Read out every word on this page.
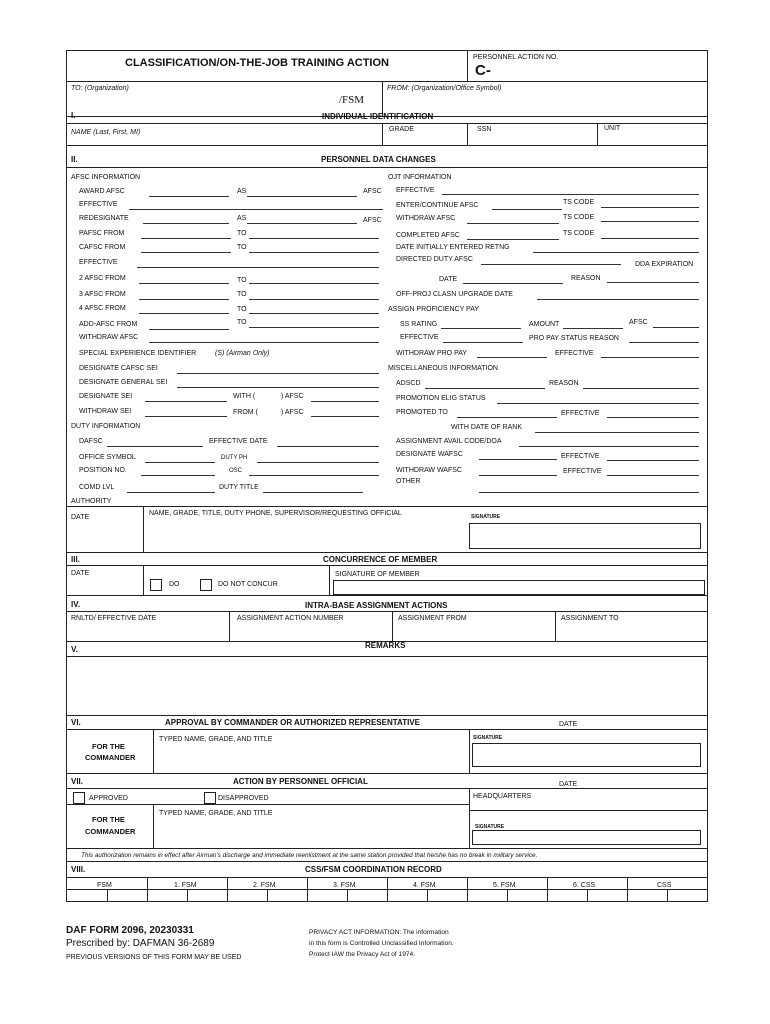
CLASSIFICATION/ON-THE-JOB TRAINING ACTION	PERSONNEL ACTION NO.
C-
TO: (Organization)	FROM: (Organization/Office Symbol)
/FSM
I.	INDIVIDUAL IDENTIFICATION
NAME (Last, First, MI)	GRADE	SSN	UNIT
II.	PERSONNEL DATA CHANGES
AFSC INFORMATION
AWARD AFSC	AS	AFSC
EFFECTIVE
REDESIGNATE	AS	AFSC
PAFSC FROM	TO
CAFSC FROM	TO
EFFECTIVE
2 AFSC FROM	TO
3 AFSC FROM	TO
4 AFSC FROM	TO
ADD-AFSC FROM	TO
WITHDRAW AFSC
SPECIAL EXPERIENCE IDENTIFIER	(S) (Airman Only)
DESIGNATE CAFSC SEI
DESIGNATE GENERAL SEI
DESIGNATE SEI	WITH (	) AFSC
WITHDRAW SEI	FROM (	) AFSC
DUTY INFORMATION
DAFSC	EFFECTIVE DATE
OFFICE SYMBOL	DUTY PH
POSITION NO.	OSC
COMD LVL	DUTY TITLE
AUTHORITY
OJT INFORMATION
EFFECTIVE
ENTER/CONTINUE AFSC	TS CODE
WITHDRAW AFSC	TS CODE
COMPLETED AFSC	TS CODE
DATE INITIALLY ENTERED RETNG
DIRECTED DUTY AFSC
DDA EXPIRATION
DATE	REASON
OFF-PROJ CLASN UPGRADE DATE
ASSIGN PROFICIENCY PAY
SS RATING	AMOUNT	AFSC
EFFECTIVE	PRO PAY STATUS REASON
WITHDRAW PRO PAY	EFFECTIVE
MISCELLANEOUS INFORMATION
ADSCD	REASON
PROMOTION ELIG STATUS
PROMOTED TO	EFFECTIVE
WITH DATE OF RANK
ASSIGNMENT AVAIL CODE/DOA
DESIGNATE WAFSC	EFFECTIVE
WITHDRAW WAFSC	EFFECTIVE
OTHER
DATE
NAME, GRADE, TITLE, DUTY PHONE, SUPERVISOR/REQUESTING OFFICIAL	SIGNATURE
III.	CONCURRENCE OF MEMBER
DATE
DO	DO NOT CONCUR
SIGNATURE OF MEMBER
IV.	INTRA-BASE ASSIGNMENT ACTIONS
RNLTD/ EFFECTIVE DATE	ASSIGNMENT ACTION NUMBER	ASSIGNMENT FROM	ASSIGNMENT TO
V.	REMARKS
VI.	APPROVAL BY COMMANDER OR AUTHORIZED REPRESENTATIVE	DATE
FOR THE
COMMANDER
TYPED NAME, GRADE, AND TITLE	SIGNATURE
VII.	ACTION BY PERSONNEL OFFICIAL	DATE
APPROVED	DISAPPROVED	HEADQUARTERS
FOR THE
COMMANDER
TYPED NAME, GRADE, AND TITLE
SIGNATURE
This authorization remains in effect after Airman's discharge and immediate reenlistment at the same station provided that he/she has no break in military service.
VIII.	CSS/FSM COORDINATION RECORD
FSM	1. FSM	2. FSM	3. FSM	4. FSM	5. FSM	6. CSS	CSS
DAF FORM 2096, 20230331
Prescribed by: DAFMAN 36-2689
PREVIOUS VERSIONS OF THIS FORM MAY BE USED
PRIVACY ACT INFORMATION: The information
in this form is Controlled Unclassified Information.
Protect IAW the Privacy Act of 1974.
